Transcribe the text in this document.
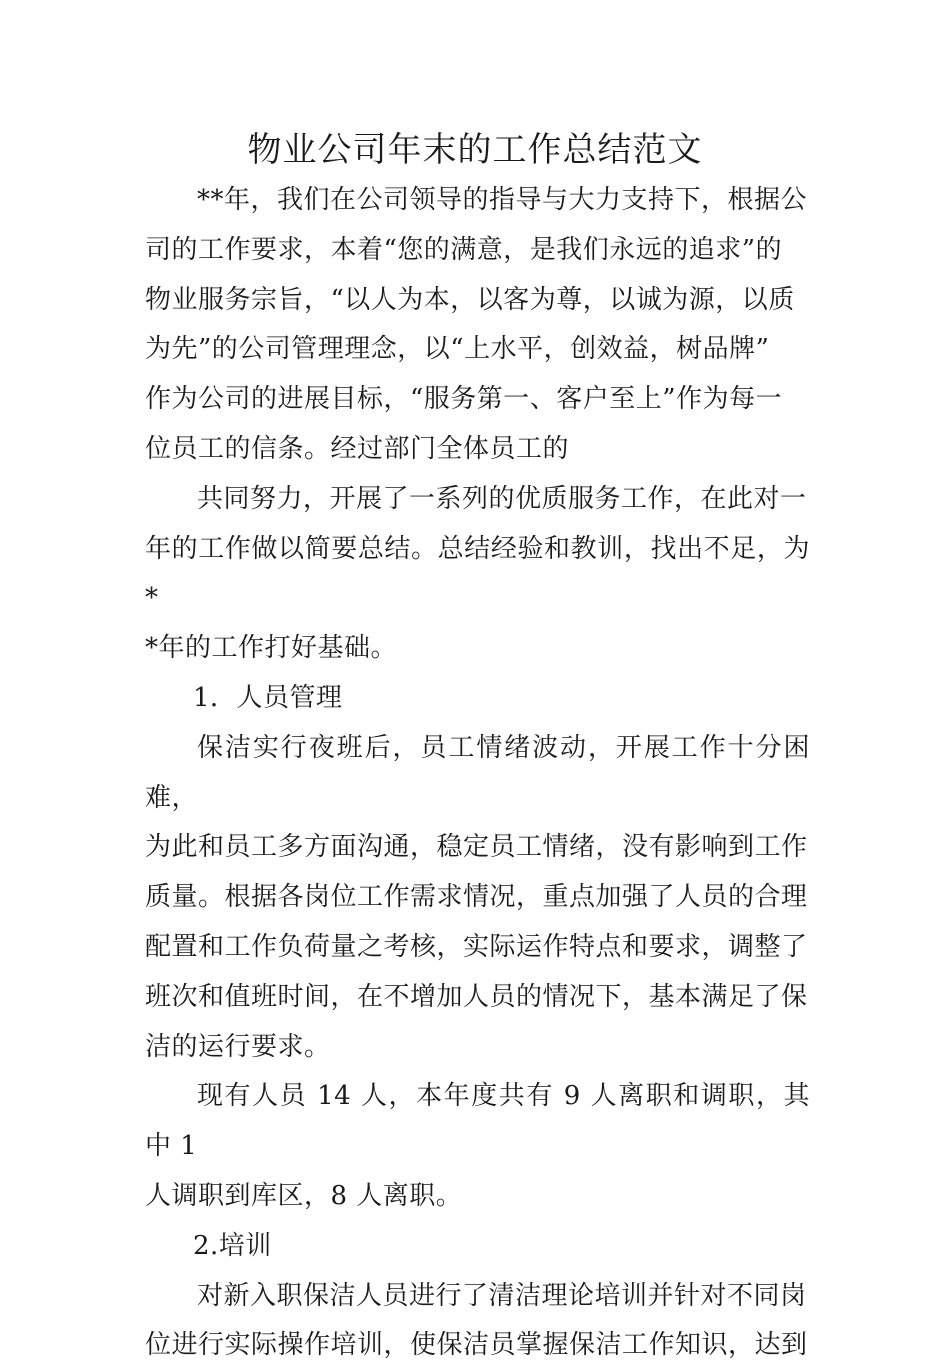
物业公司年末的工作总结范文

**年，我们在公司领导的指导与大力支持下，根据公
司的工作要求，本着“您的满意，是我们永远的追求”的
物业服务宗旨，“以人为本，以客为尊，以诚为源，以质
为先”的公司管理理念，以“上水平，创效益，树品牌”
作为公司的进展目标，“服务第一、客户至上”作为每一
位员工的信条。经过部门全体员工的

共同努力，开展了一系列的优质服务工作，在此对一
年的工作做以简要总结。总结经验和教训，找出不足，为*
*年的工作打好基础。

1．人员管理

保洁实行夜班后，员工情绪波动，开展工作十分困难，
为此和员工多方面沟通，稳定员工情绪，没有影响到工作
质量。根据各岗位工作需求情况，重点加强了人员的合理
配置和工作负荷量之考核，实际运作特点和要求，调整了
班次和值班时间，在不增加人员的情况下，基本满足了保
洁的运行要求。

现有人员 14 人，本年度共有 9 人离职和调职，其中 1
人调职到库区，8 人离职。

2.培训

对新入职保洁人员进行了清洁理论培训并针对不同岗
位进行实际操作培训，使保洁员掌握保洁工作知识，达到
